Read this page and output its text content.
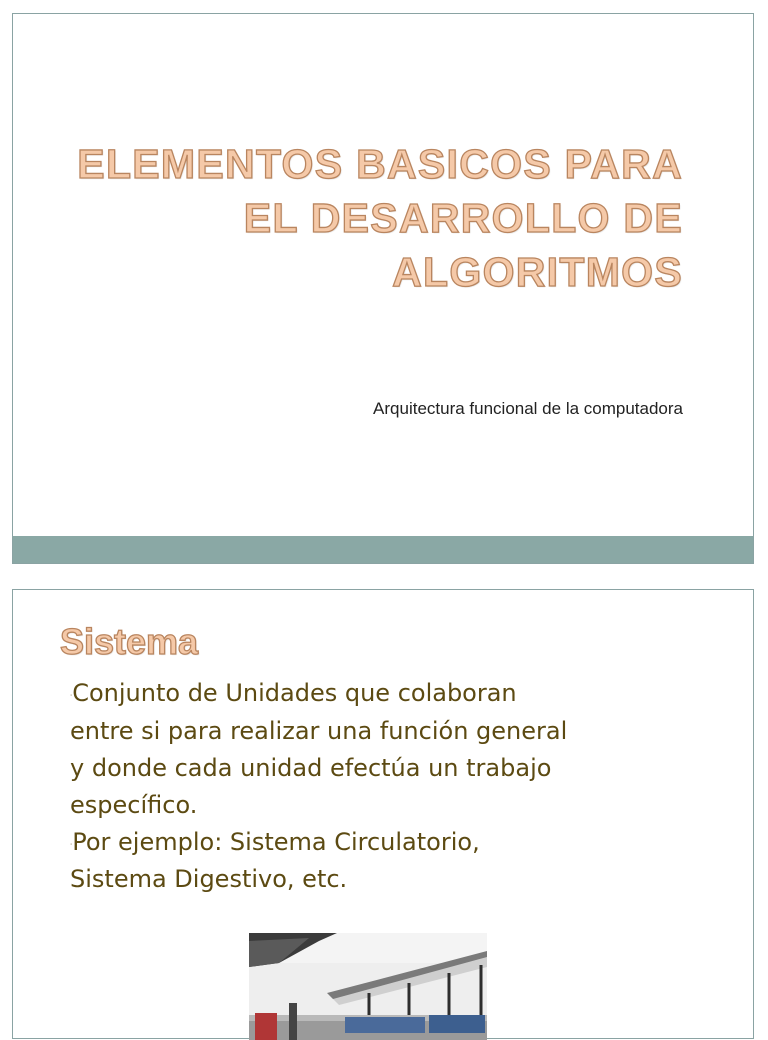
ELEMENTOS BASICOS PARA
EL DESARROLLO DE
ALGORITMOS
Arquitectura funcional de la computadora
Sistema

.Conjunto de Unidades que colaboran
entre si para realizar una función general
y donde cada unidad efectúa un trabajo
específico.

.Por ejemplo: Sistema Circulatorio,
Sistema Digestivo, etc.
